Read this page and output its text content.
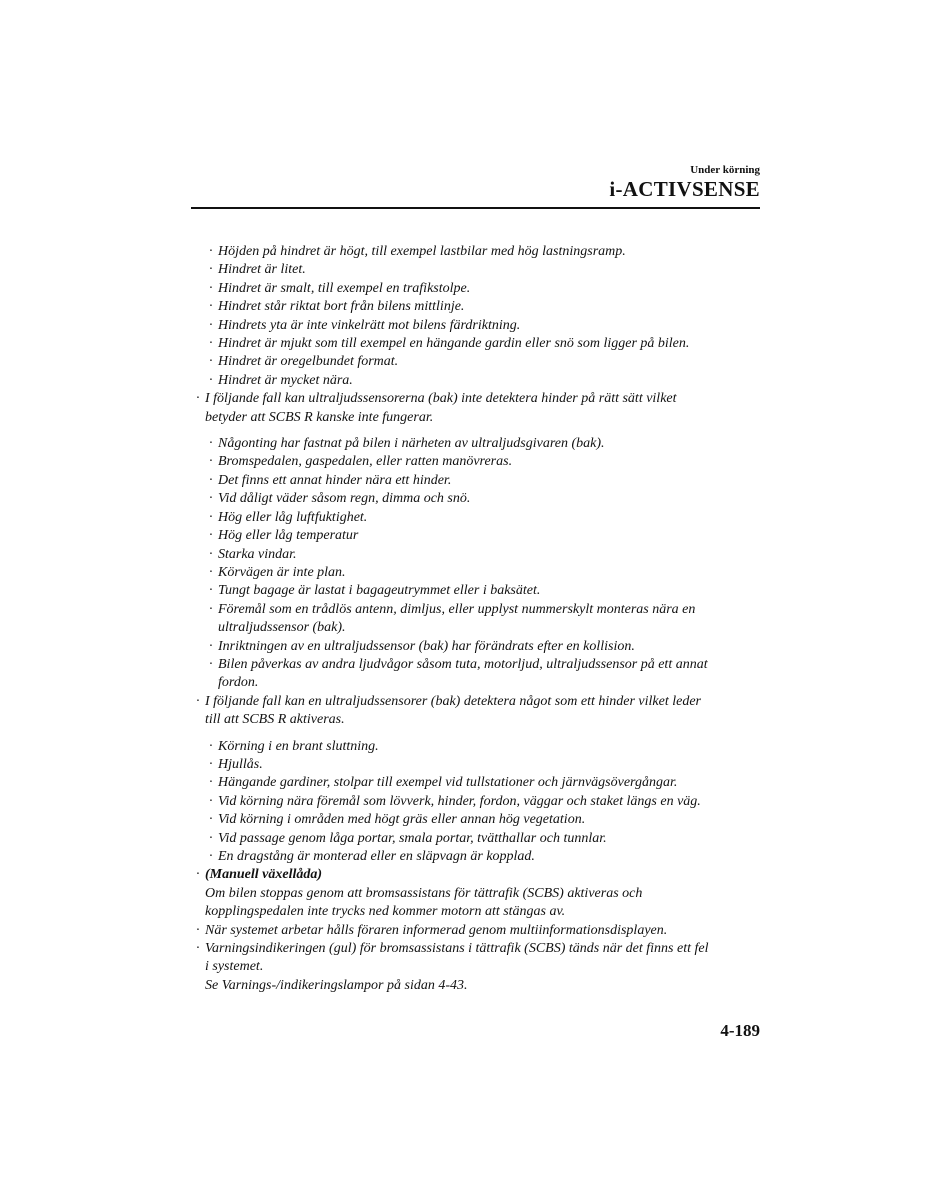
Under körning
i-ACTIVSENSE
· Höjden på hindret är högt, till exempel lastbilar med hög lastningsramp.
· Hindret är litet.
· Hindret är smalt, till exempel en trafikstolpe.
· Hindret står riktat bort från bilens mittlinje.
· Hindrets yta är inte vinkelrätt mot bilens färdriktning.
· Hindret är mjukt som till exempel en hängande gardin eller snö som ligger på bilen.
· Hindret är oregelbundet format.
· Hindret är mycket nära.
· I följande fall kan ultraljudssensorerna (bak) inte detektera hinder på rätt sätt vilket
betyder att SCBS R kanske inte fungerar.
· Någonting har fastnat på bilen i närheten av ultraljudsgivaren (bak).
· Bromspedalen, gaspedalen, eller ratten manövreras.
· Det finns ett annat hinder nära ett hinder.
· Vid dåligt väder såsom regn, dimma och snö.
· Hög eller låg luftfuktighet.
· Hög eller låg temperatur
· Starka vindar.
· Körvägen är inte plan.
· Tungt bagage är lastat i bagageutrymmet eller i baksätet.
· Föremål som en trådlös antenn, dimljus, eller upplyst nummerskylt monteras nära en
ultraljudssensor (bak).
· Inriktningen av en ultraljudssensor (bak) har förändrats efter en kollision.
· Bilen påverkas av andra ljudvågor såsom tuta, motorljud, ultraljudssensor på ett annat
fordon.
· I följande fall kan en ultraljudssensorer (bak) detektera något som ett hinder vilket leder
till att SCBS R aktiveras.
· Körning i en brant sluttning.
· Hjullås.
· Hängande gardiner, stolpar till exempel vid tullstationer och järnvägsövergångar.
· Vid körning nära föremål som lövverk, hinder, fordon, väggar och staket längs en väg.
· Vid körning i områden med högt gräs eller annan hög vegetation.
· Vid passage genom låga portar, smala portar, tvätthallar och tunnlar.
· En dragstång är monterad eller en släpvagn är kopplad.
· (Manuell växellåda)
Om bilen stoppas genom att bromsassistans för tättrafik (SCBS) aktiveras och
kopplingspedalen inte trycks ned kommer motorn att stängas av.
· När systemet arbetar hålls föraren informerad genom multiinformationsdisplayen.
· Varningsindikeringen (gul) för bromsassistans i tättrafik (SCBS) tänds när det finns ett fel
i systemet.
Se Varnings-/indikeringslampor på sidan 4-43.
4-189
